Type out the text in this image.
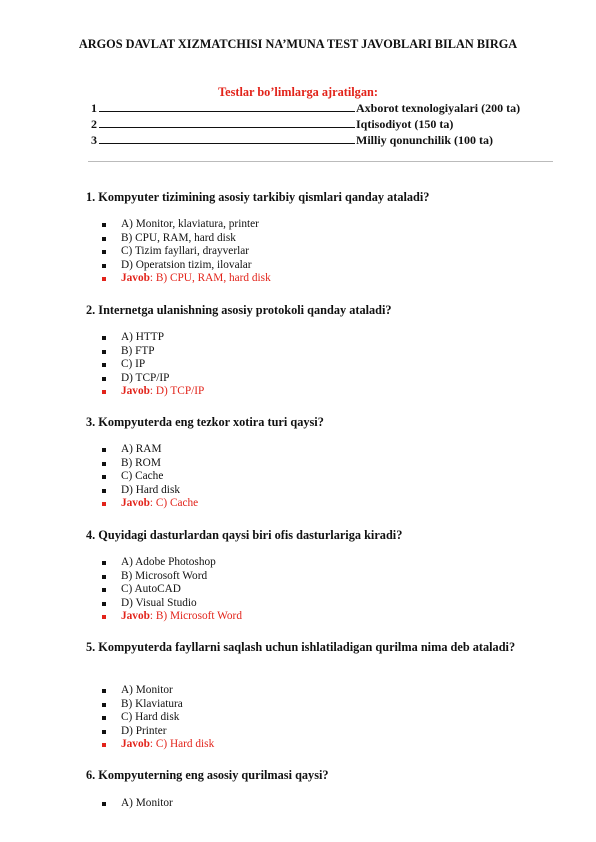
ARGOS DAVLAT XIZMATCHISI NA’MUNA TEST JAVOBLARI BILAN BIRGA
Testlar bo’limlarga ajratilgan:
1	Axborot texnologiyalari (200 ta)
2	Iqtisodiyot (150 ta)
3	Milliy qonunchilik (100 ta)
1. Kompyuter tizimining asosiy tarkibiy qismlari qanday ataladi?
A) Monitor, klaviatura, printer
B) CPU, RAM, hard disk
C) Tizim fayllari, drayverlar
D) Operatsion tizim, ilovalar
Javob: B) CPU, RAM, hard disk
2. Internetga ulanishning asosiy protokoli qanday ataladi?
A) HTTP
B) FTP
C) IP
D) TCP/IP
Javob: D) TCP/IP
3. Kompyuterda eng tezkor xotira turi qaysi?
A) RAM
B) ROM
C) Cache
D) Hard disk
Javob: C) Cache
4. Quyidagi dasturlardan qaysi biri ofis dasturlariga kiradi?
A) Adobe Photoshop
B) Microsoft Word
C) AutoCAD
D) Visual Studio
Javob: B) Microsoft Word
5. Kompyuterda fayllarni saqlash uchun ishlatiladigan qurilma nima deb ataladi?
A) Monitor
B) Klaviatura
C) Hard disk
D) Printer
Javob: C) Hard disk
6. Kompyuterning eng asosiy qurilmasi qaysi?
A) Monitor
